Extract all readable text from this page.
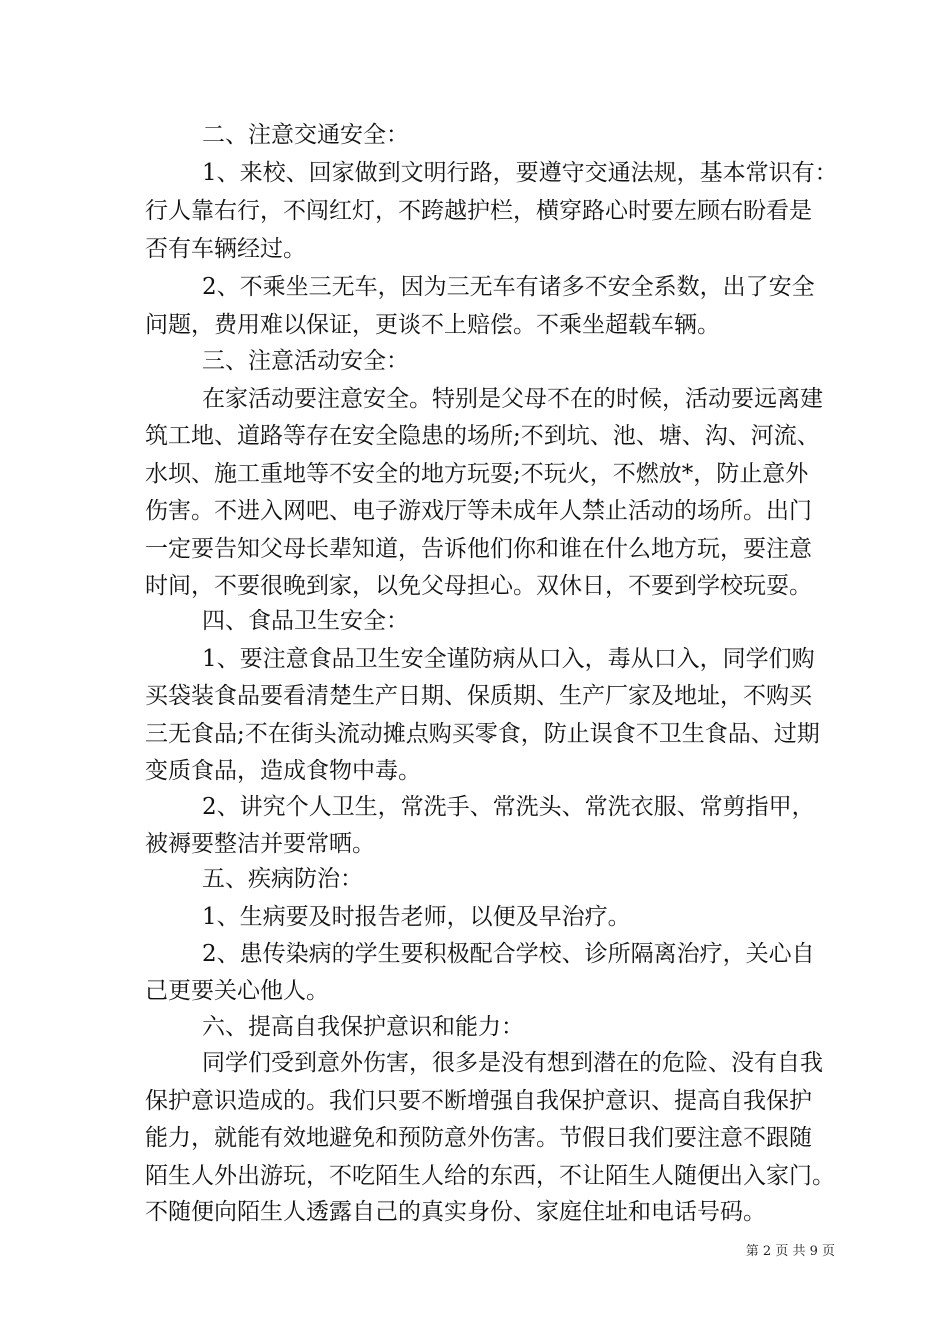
二、注意交通安全：
1、来校、回家做到文明行路，要遵守交通法规，基本常识有：
行人靠右行，不闯红灯，不跨越护栏，横穿路心时要左顾右盼看是
否有车辆经过。
2、不乘坐三无车，因为三无车有诸多不安全系数，出了安全
问题，费用难以保证，更谈不上赔偿。不乘坐超载车辆。
三、注意活动安全：
在家活动要注意安全。特别是父母不在的时候，活动要远离建
筑工地、道路等存在安全隐患的场所;不到坑、池、塘、沟、河流、
水坝、施工重地等不安全的地方玩耍;不玩火，不燃放*，防止意外
伤害。不进入网吧、电子游戏厅等未成年人禁止活动的场所。出门
一定要告知父母长辈知道，告诉他们你和谁在什么地方玩，要注意
时间，不要很晚到家，以免父母担心。双休日，不要到学校玩耍。
四、食品卫生安全：
1、要注意食品卫生安全谨防病从口入，毒从口入，同学们购
买袋装食品要看清楚生产日期、保质期、生产厂家及地址，不购买
三无食品;不在街头流动摊点购买零食，防止误食不卫生食品、过期
变质食品，造成食物中毒。
2、讲究个人卫生，常洗手、常洗头、常洗衣服、常剪指甲，
被褥要整洁并要常晒。
五、疾病防治：
1、生病要及时报告老师，以便及早治疗。
2、患传染病的学生要积极配合学校、诊所隔离治疗，关心自
己更要关心他人。
六、提高自我保护意识和能力：
同学们受到意外伤害，很多是没有想到潜在的危险、没有自我
保护意识造成的。我们只要不断增强自我保护意识、提高自我保护
能力，就能有效地避免和预防意外伤害。节假日我们要注意不跟随
陌生人外出游玩，不吃陌生人给的东西，不让陌生人随便出入家门。
不随便向陌生人透露自己的真实身份、家庭住址和电话号码。
第 2 页 共 9 页
